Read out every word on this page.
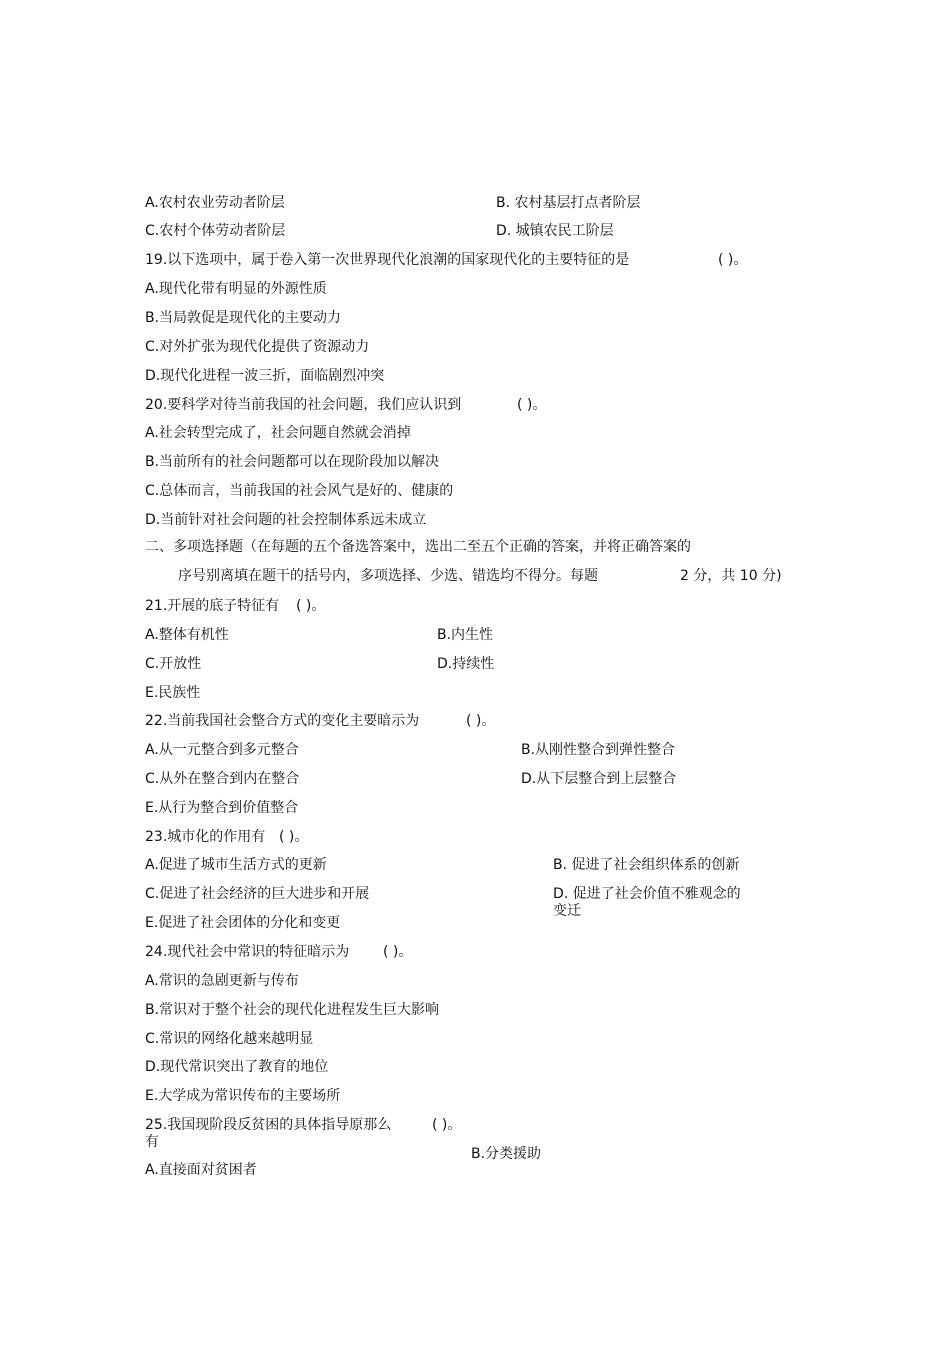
A.农村农业劳动者阶层	B. 农村基层打点者阶层
C.农村个体劳动者阶层	D. 城镇农民工阶层
19.以下选项中，属于卷入第一次世界现代化浪潮的国家现代化的主要特征的是	( )。
A.现代化带有明显的外源性质
B.当局敦促是现代化的主要动力
C.对外扩张为现代化提供了资源动力
D.现代化进程一波三折，面临剧烈冲突
20.要科学对待当前我国的社会问题，我们应认识到	( )。
A.社会转型完成了，社会问题自然就会消掉
B.当前所有的社会问题都可以在现阶段加以解决
C.总体而言，当前我国的社会风气是好的、健康的
D.当前针对社会问题的社会控制体系远未成立
二、多项选择题（在每题的五个备选答案中，选出二至五个正确的答案，并将正确答案的
序号别离填在题干的括号内，多项选择、少选、错选均不得分。每题	2 分，共 10 分)
21.开展的底子特征有 ( )。
A.整体有机性	B.内生性
C.开放性	D.持续性
E.民族性
22.当前我国社会整合方式的变化主要暗示为	( )。
A.从一元整合到多元整合	B.从刚性整合到弹性整合
C.从外在整合到内在整合	D.从下层整合到上层整合
E.从行为整合到价值整合
23.城市化的作用有 ( )。
A.促进了城市生活方式的更新	B. 促进了社会组织体系的创新
C.促进了社会经济的巨大进步和开展	D. 促进了社会价值不雅观念的
变迁
E.促进了社会团体的分化和变更
24.现代社会中常识的特征暗示为 ( )。
A.常识的急剧更新与传布
B.常识对于整个社会的现代化进程发生巨大影响
C.常识的网络化越来越明显
D.现代常识突出了教育的地位
E.大学成为常识传布的主要场所
25.我国现阶段反贫困的具体指导原那么
有
( )。
B.分类援助
A.直接面对贫困者
